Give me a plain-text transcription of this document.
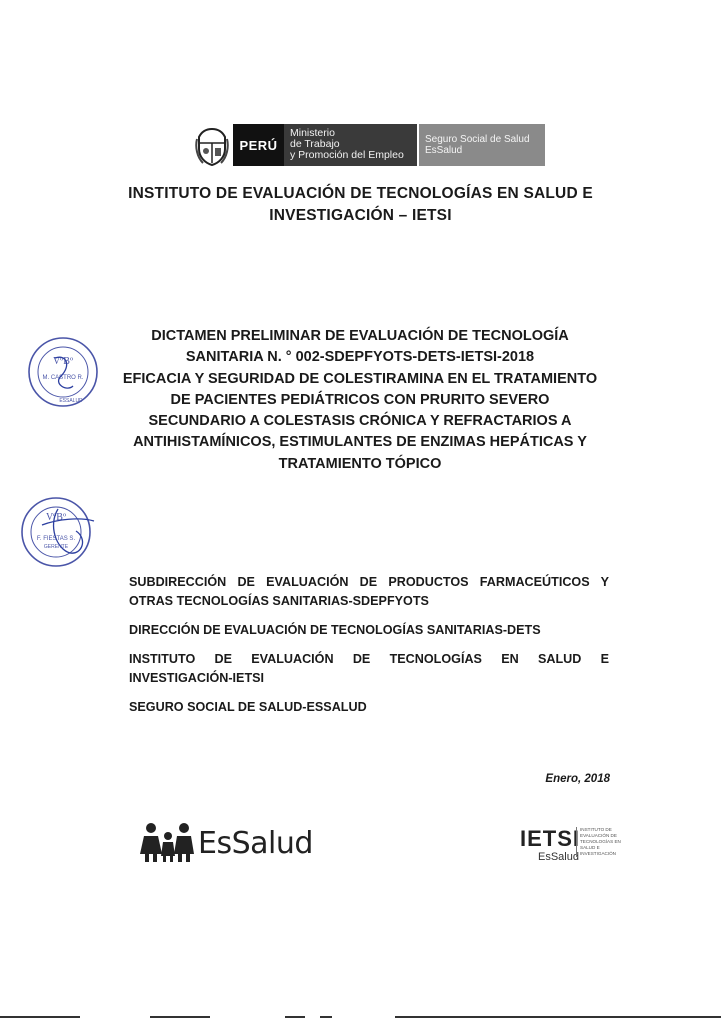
PERÚ
Ministerio
de Trabajo
y Promoción del Empleo
Seguro Social de Salud
EsSalud
INSTITUTO DE EVALUACIÓN DE TECNOLOGÍAS EN SALUD E
INVESTIGACIÓN – IETSI
VºBº
M. CASTRO R.
ESSALUD
DICTAMEN PRELIMINAR DE EVALUACIÓN DE TECNOLOGÍA
SANITARIA N. ° 002-SDEPFYOTS-DETS-IETSI-2018
EFICACIA Y SEGURIDAD DE COLESTIRAMINA EN EL TRATAMIENTO
DE PACIENTES PEDIÁTRICOS CON PRURITO SEVERO
SECUNDARIO A COLESTASIS CRÓNICA Y REFRACTARIOS A
ANTIHISTAMÍNICOS, ESTIMULANTES DE ENZIMAS HEPÁTICAS Y
TRATAMIENTO TÓPICO
VºBº
F. FIESTAS S.
GERENTE
SUBDIRECCIÓN DE EVALUACIÓN DE PRODUCTOS FARMACEÚTICOS Y
OTRAS TECNOLOGÍAS SANITARIAS-SDEPFYOTS
DIRECCIÓN DE EVALUACIÓN DE TECNOLOGÍAS SANITARIAS-DETS
INSTITUTO DE EVALUACIÓN DE TECNOLOGÍAS EN SALUD E
INVESTIGACIÓN-IETSI
SEGURO SOCIAL DE SALUD-ESSALUD
Enero, 2018
EsSalud	IETSI
EsSalud
INSTITUTO DE
EVALUACIÓN DE
TECNOLOGÍAS EN
SALUD E
INVESTIGACIÓN
